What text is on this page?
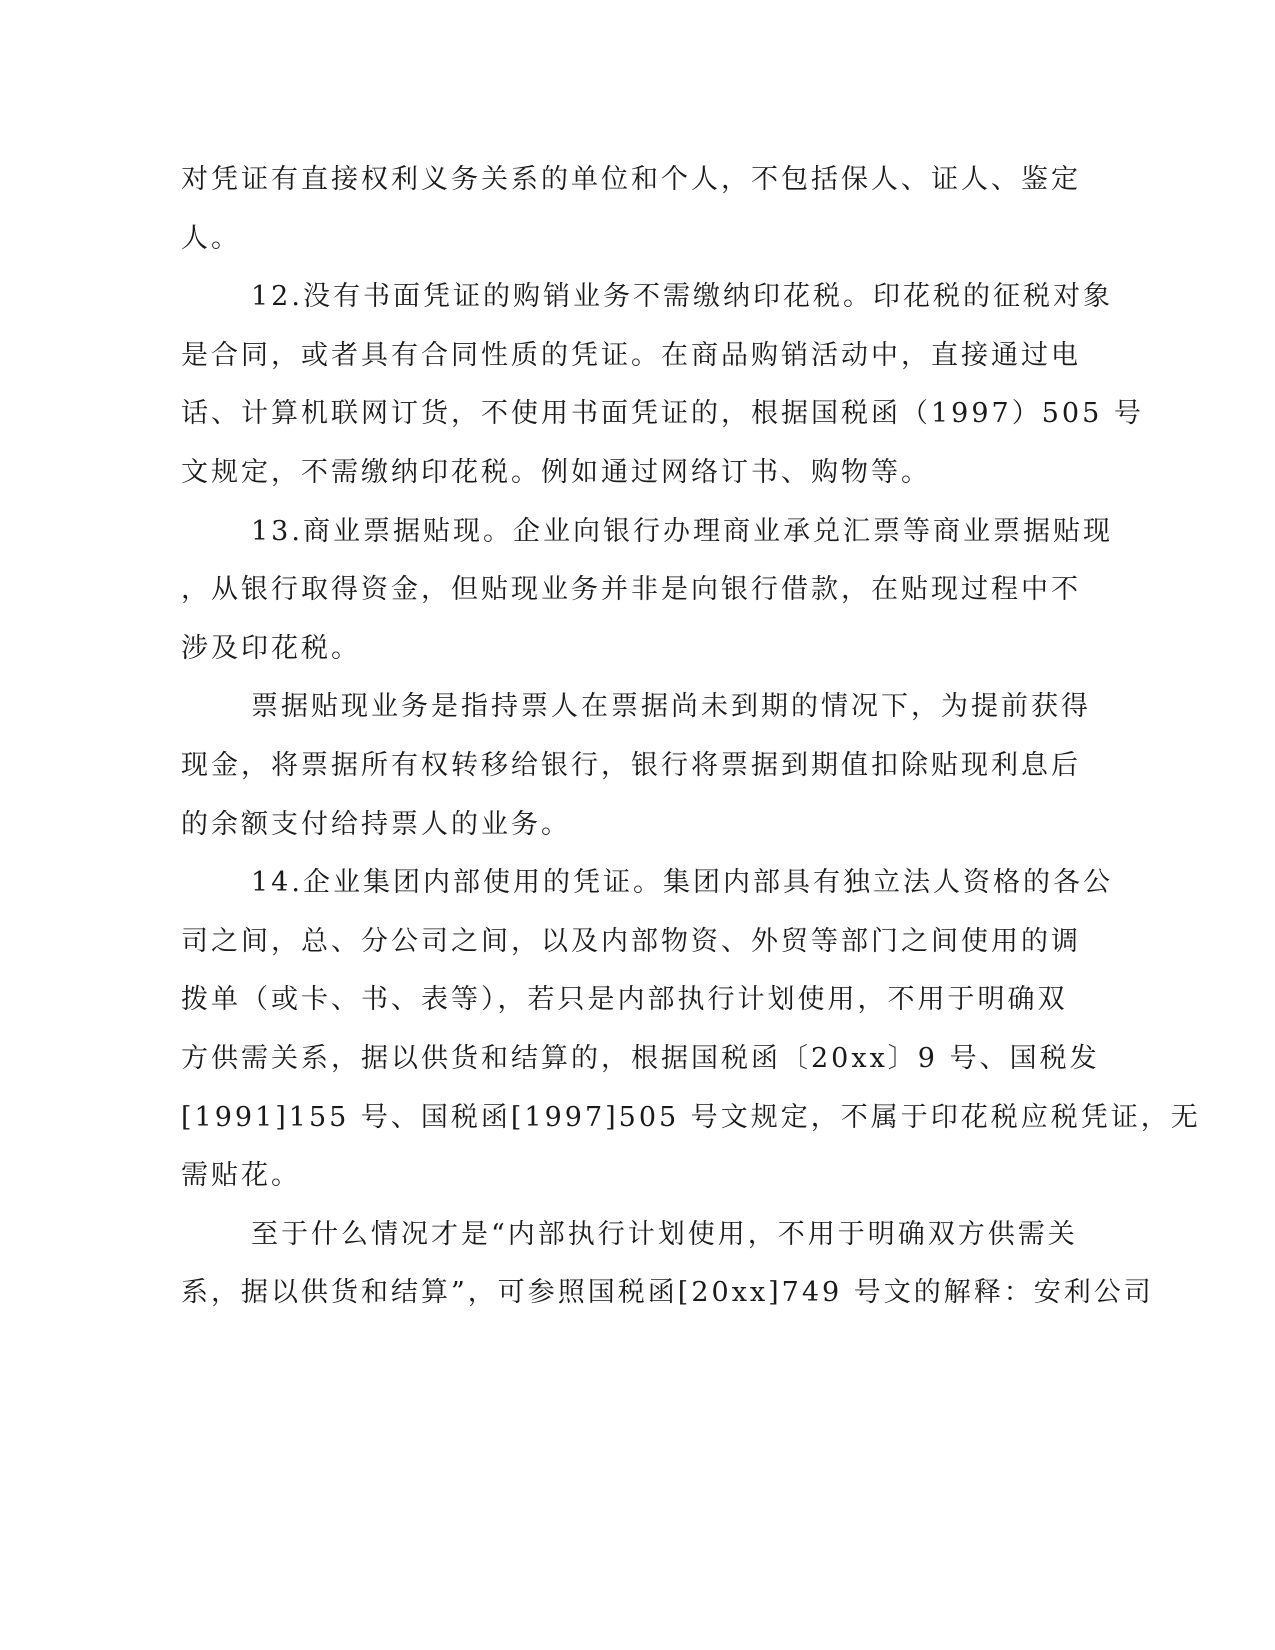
对凭证有直接权利义务关系的单位和个人，不包括保人、证人、鉴定
人。
12.没有书面凭证的购销业务不需缴纳印花税。印花税的征税对象
是合同，或者具有合同性质的凭证。在商品购销活动中，直接通过电
话、计算机联网订货，不使用书面凭证的，根据国税函（1997）505 号
文规定，不需缴纳印花税。例如通过网络订书、购物等。
13.商业票据贴现。企业向银行办理商业承兑汇票等商业票据贴现
，从银行取得资金，但贴现业务并非是向银行借款，在贴现过程中不
涉及印花税。
票据贴现业务是指持票人在票据尚未到期的情况下，为提前获得
现金，将票据所有权转移给银行，银行将票据到期值扣除贴现利息后
的余额支付给持票人的业务。
14.企业集团内部使用的凭证。集团内部具有独立法人资格的各公
司之间，总、分公司之间，以及内部物资、外贸等部门之间使用的调
拨单（或卡、书、表等），若只是内部执行计划使用，不用于明确双
方供需关系，据以供货和结算的，根据国税函〔20xx〕9 号、国税发
[1991]155 号、国税函[1997]505 号文规定，不属于印花税应税凭证，无
需贴花。
至于什么情况才是“内部执行计划使用，不用于明确双方供需关
系，据以供货和结算”，可参照国税函[20xx]749 号文的解释：安利公司
